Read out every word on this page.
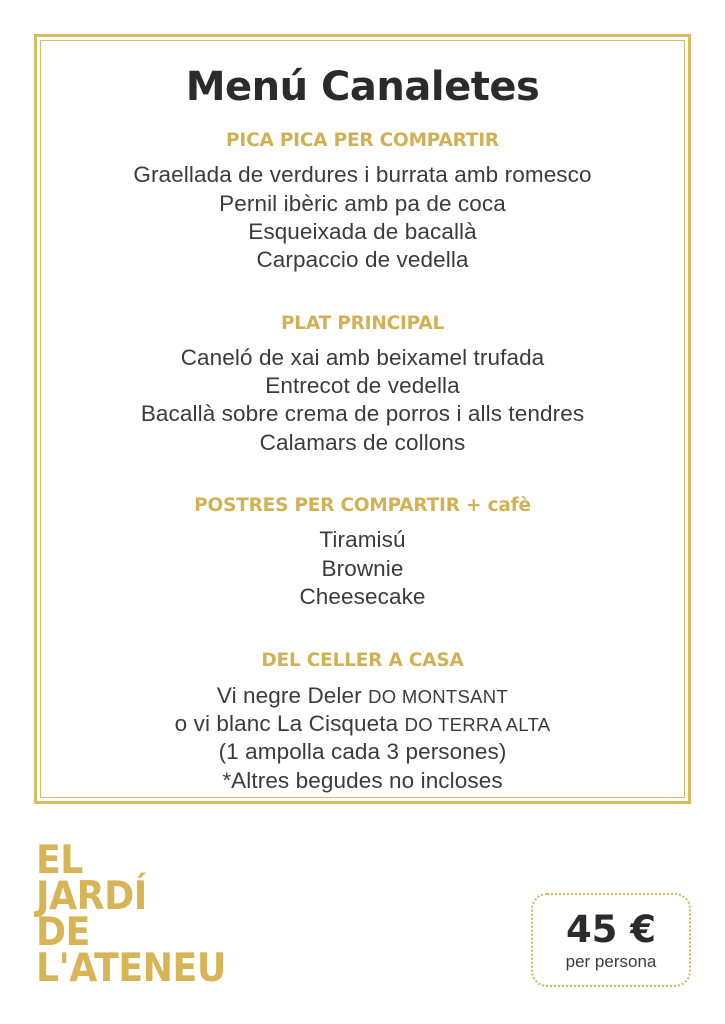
Menú Canaletes
PICA PICA PER COMPARTIR
Graellada de verdures i burrata amb romesco
Pernil ibèric amb pa de coca
Esqueixada de bacallà
Carpaccio de vedella
PLAT PRINCIPAL
Caneló de xai amb beixamel trufada
Entrecot de vedella
Bacallà sobre crema de porros i alls tendres
Calamars de collons
POSTRES PER COMPARTIR + cafè
Tiramisú
Brownie
Cheesecake
DEL CELLER A CASA
Vi negre Deler DO MONTSANT
o vi blanc La Cisqueta DO TERRA ALTA
(1 ampolla cada 3 persones)
*Altres begudes no incloses
EL
JARDÍ
DE
L'ATENEU
45 €
per persona
